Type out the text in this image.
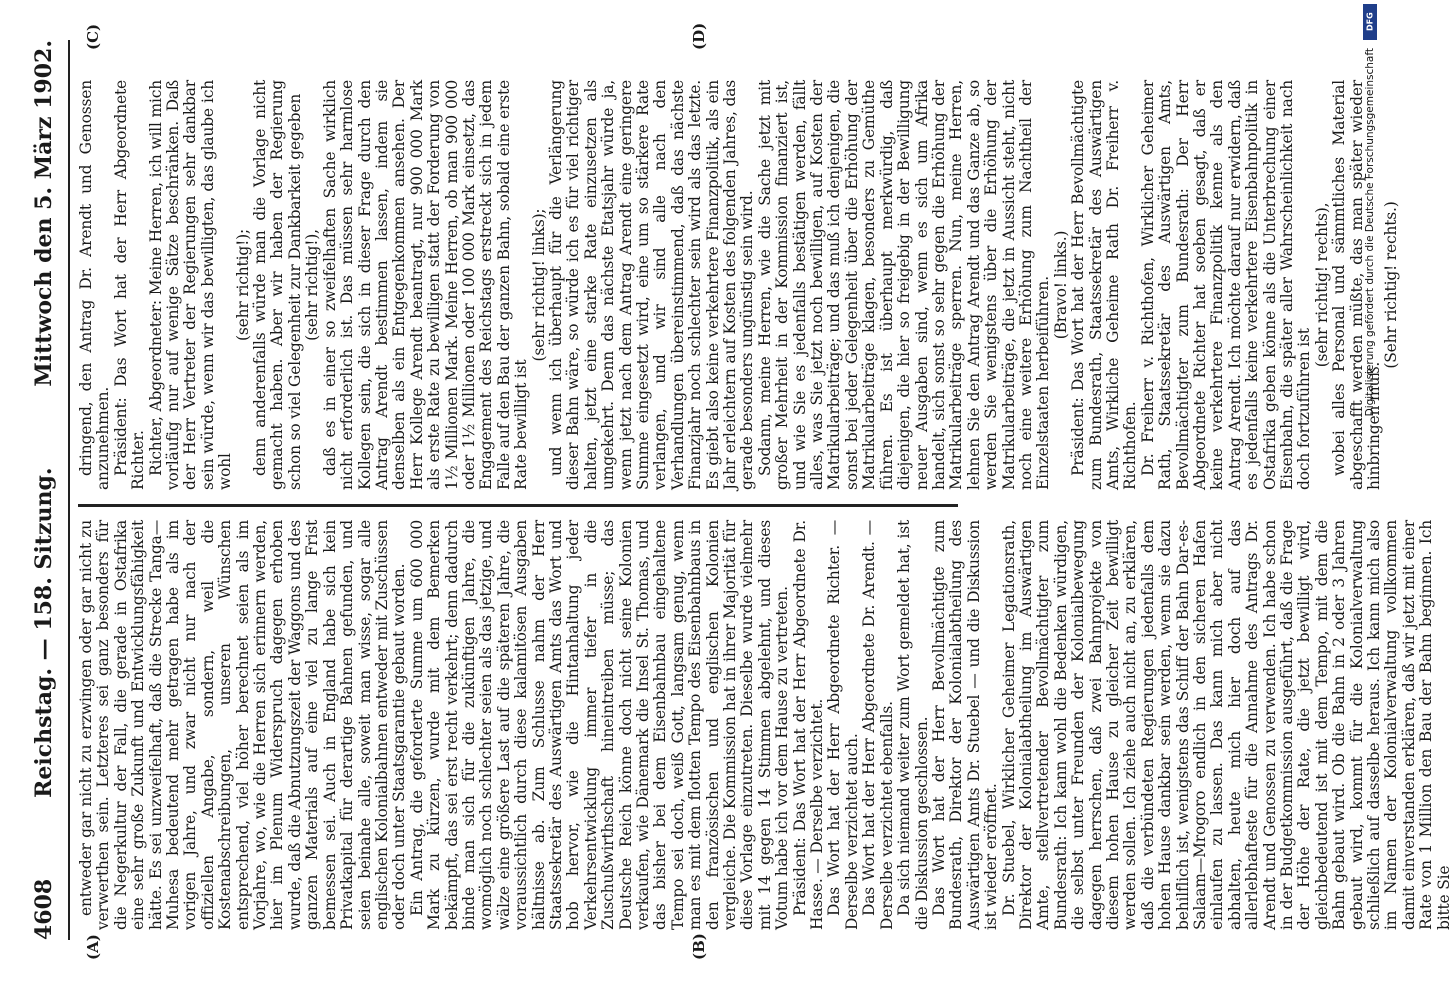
4608
Reichstag. — 158. Sitzung.
Mittwoch den 5. März 1902.
(A)	(B)
(C)	(D)

entweder gar nicht zu erzwingen oder gar nicht zu verwerthen sein. Letzteres sei ganz besonders für die Negerkultur der Fall, die gerade in Ostafrika eine sehr große Zukunft und Entwicklungsfähigkeit hätte. Es sei unzweifelhaft, daß die Strecke Tanga—Muhesa bedeutend mehr getragen habe als im vorigen Jahre, und zwar nicht nur nach der offiziellen Angabe, sondern, weil die Kostenabschreibungen, unseren Wünschen entsprechend, viel höher berechnet seien als im Vorjahre, wo, wie die Herren sich erinnern werden, hier im Plenum Widerspruch dagegen erhoben wurde, daß die Abnutzungszeit der Waggons und des ganzen Materials auf eine viel zu lange Frist bemessen sei. Auch in England habe sich kein Privatkapital für derartige Bahnen gefunden, und seien beinahe alle, soweit man wisse, sogar alle englischen Kolonialbahnen entweder mit Zuschüssen oder doch unter Staatsgarantie gebaut worden. Ein Antrag, die geforderte Summe um 600 000 Mark zu kürzen, wurde mit dem Bemerken bekämpft, das sei erst recht verkehrt; denn dadurch binde man sich für die zukünftigen Jahre, die womöglich noch schlechter seien als das jetzige, und wälze eine größere Last auf die späteren Jahre, die voraussichtlich durch diese kalamitösen Ausgaben hältnisse ab. Zum Schlusse nahm der Herr Staatssekretär des Auswärtigen Amts das Wort und hob hervor, wie die Hintanhaltung jeder Verkehrsentwicklung immer tiefer in die Zuschußwirthschaft hineintreiben müsse; das Deutsche Reich könne doch nicht seine Kolonien verkaufen, wie Dänemark die Insel St. Thomas, und das bisher bei dem Eisenbahnbau eingehaltene Tempo sei doch, weiß Gott, langsam genug, wenn man es mit dem flotten Tempo des Eisenbahnbaus in den französischen und englischen Kolonien vergleiche. Die Kommission hat in ihrer Majorität für diese Vorlage einzutreten. Dieselbe wurde vielmehr mit 14 gegen 14 Stimmen abgelehnt, und dieses Votum habe ich vor dem Hause zu vertreten. Präsident: Das Wort hat der Herr Abgeordnete Dr. Hasse. — Derselbe verzichtet. Das Wort hat der Herr Abgeordnete Richter. — Derselbe verzichtet auch. Das Wort hat der Herr Abgeordnete Dr. Arendt. — Derselbe verzichtet ebenfalls. Da sich niemand weiter zum Wort gemeldet hat, ist die Diskussion geschlossen. Das Wort hat der Herr Bevollmächtigte zum Bundesrath, Direktor der Kolonialabtheilung des Auswärtigen Amts Dr. Stuebel — und die Diskussion ist wieder eröffnet. Dr. Stuebel, Wirklicher Geheimer Legationsrath, Direktor der Kolonialabtheilung im Auswärtigen Amte, stellvertretender Bevollmächtigter zum Bundesrath: Ich kann wohl die Bedenken würdigen, die selbst unter Freunden der Kolonialbewegung dagegen herrschen, daß zwei Bahnprojekte von diesem hohen Hause zu gleicher Zeit bewilligt werden sollen. Ich ziehe auch nicht an, zu erklären, daß die verbündeten Regierungen jedenfalls dem hohen Hause dankbar sein werden, wenn sie dazu behilflich ist, wenigstens das Schiff der Bahn Dar-es-Salaam—Mrogoro endlich in den sicheren Hafen einlaufen zu lassen. Das kann mich aber nicht abhalten, heute mich hier doch auf das allerlebhafteste für die Annahme des Antrags Dr. Arendt und Genossen zu verwenden. Ich habe schon in der Budgetkommission ausgeführt, daß die Frage der Höhe der Rate, die jetzt bewilligt wird, gleichbedeutend ist mit dem Tempo, mit dem die Bahn gebaut wird. Ob die Bahn in 2 oder 3 Jahren gebaut wird, kommt für die Kolonialverwaltung schließlich auf dasselbe heraus. Ich kann mich also im Namen der Kolonialverwaltung vollkommen damit einverstanden erklären, daß wir jetzt mit einer Rate von 1 Million den Bau der Bahn beginnen. Ich bitte Sie

dringend, den Antrag Dr. Arendt und Genossen anzunehmen. Präsident: Das Wort hat der Herr Abgeordnete Richter. Richter, Abgeordneter: Meine Herren, ich will mich vorläufig nur auf wenige Sätze beschränken. Daß der Herr Vertreter der Regierungen sehr dankbar sein würde, wenn wir das bewilligten, das glaube ich wohl

(sehr richtig!); denn anderenfalls würde man die Vorlage nicht gemacht haben. Aber wir haben der Regierung schon so viel Gelegenheit zur Dankbarkeit gegeben (sehr richtig!), daß es in einer so zweifelhaften Sache wirklich nicht erforderlich ist. Das müssen sehr harmlose Kollegen sein, die sich in dieser Frage durch den Antrag Arendt bestimmen lassen, indem sie denselben als ein Entgegenkommen ansehen. Der Herr Kollege Arendt beantragt, nur 900 000 Mark als erste Rate zu bewilligen statt der Forderung von 1½ Millionen Mark. Meine Herren, ob man 900 000 oder 1½ Millionen oder 100 000 Mark einsetzt, das Engagement des Reichstags erstreckt sich in jedem Falle auf den Bau der ganzen Bahn, sobald eine erste Rate bewilligt ist

(sehr richtig! links); und wenn ich überhaupt für die Verlängerung dieser Bahn wäre, so würde ich es für viel richtiger halten, jetzt eine starke Rate einzusetzen als umgekehrt. Denn das nächste Etatsjahr würde ja, wenn jetzt nach dem Antrag Arendt eine geringere Summe eingesetzt wird, eine um so stärkere Rate verlangen, und wir sind alle nach den Verhandlungen übereinstimmend, daß das nächste Finanzjahr noch schlechter sein wird als das letzte. Es giebt also keine verkehrtere Finanzpolitik, als ein Jahr erleichtern auf Kosten des folgenden Jahres, das gerade besonders ungünstig sein wird. Sodann, meine Herren, wie die Sache jetzt mit großer Mehrheit in der Kommission finanziert ist, und wie Sie es jedenfalls bestätigen werden, fällt alles, was Sie jetzt noch bewilligen, auf Kosten der Matrikularbeiträge; und das muß ich denjenigen, die sonst bei jeder Gelegenheit über die Erhöhung der Matrikularbeiträge klagen, besonders zu Gemüthe führen. Es ist überhaupt merkwürdig, daß diejenigen, die hier so freigebig in der Bewilligung neuer Ausgaben sind, wenn es sich um Afrika handelt, sich sonst so sehr gegen die Erhöhung der Matrikularbeiträge sperren. Nun, meine Herren, lehnen Sie den Antrag Arendt und das Ganze ab, so werden Sie wenigstens über die Erhöhung der Matrikularbeiträge, die jetzt in Aussicht steht, nicht noch eine weitere Erhöhung zum Nachtheil der Einzelstaaten herbeiführen. (Bravo! links.) Präsident: Das Wort hat der Herr Bevollmächtigte zum Bundesrath, Staatssekretär des Auswärtigen Amts, Wirkliche Geheime Rath Dr. Freiherr v. Richthofen. Dr. Freiherr v. Richthofen, Wirklicher Geheimer Rath, Staatssekretär des Auswärtigen Amts, Bevollmächtigter zum Bundesrath: Der Herr Abgeordnete Richter hat soeben gesagt, daß er keine verkehrtere Finanzpolitik kenne als den Antrag Arendt. Ich möchte darauf nur erwidern, daß es jedenfalls keine verkehrtere Eisenbahnpolitik in Ostafrika geben könne als die Unterbrechung einer Eisenbahn, die später aller Wahrscheinlichkeit nach doch fortzuführen ist

(sehr richtig! rechts), wobei alles Personal und sämmtliches Material abgeschafft werden müßte, das man später wieder hinbringen muß.

(Sehr richtig! rechts.)

DFG
Digitalisierung gefördert durch die Deutsche Forschungsgemeinschaft
